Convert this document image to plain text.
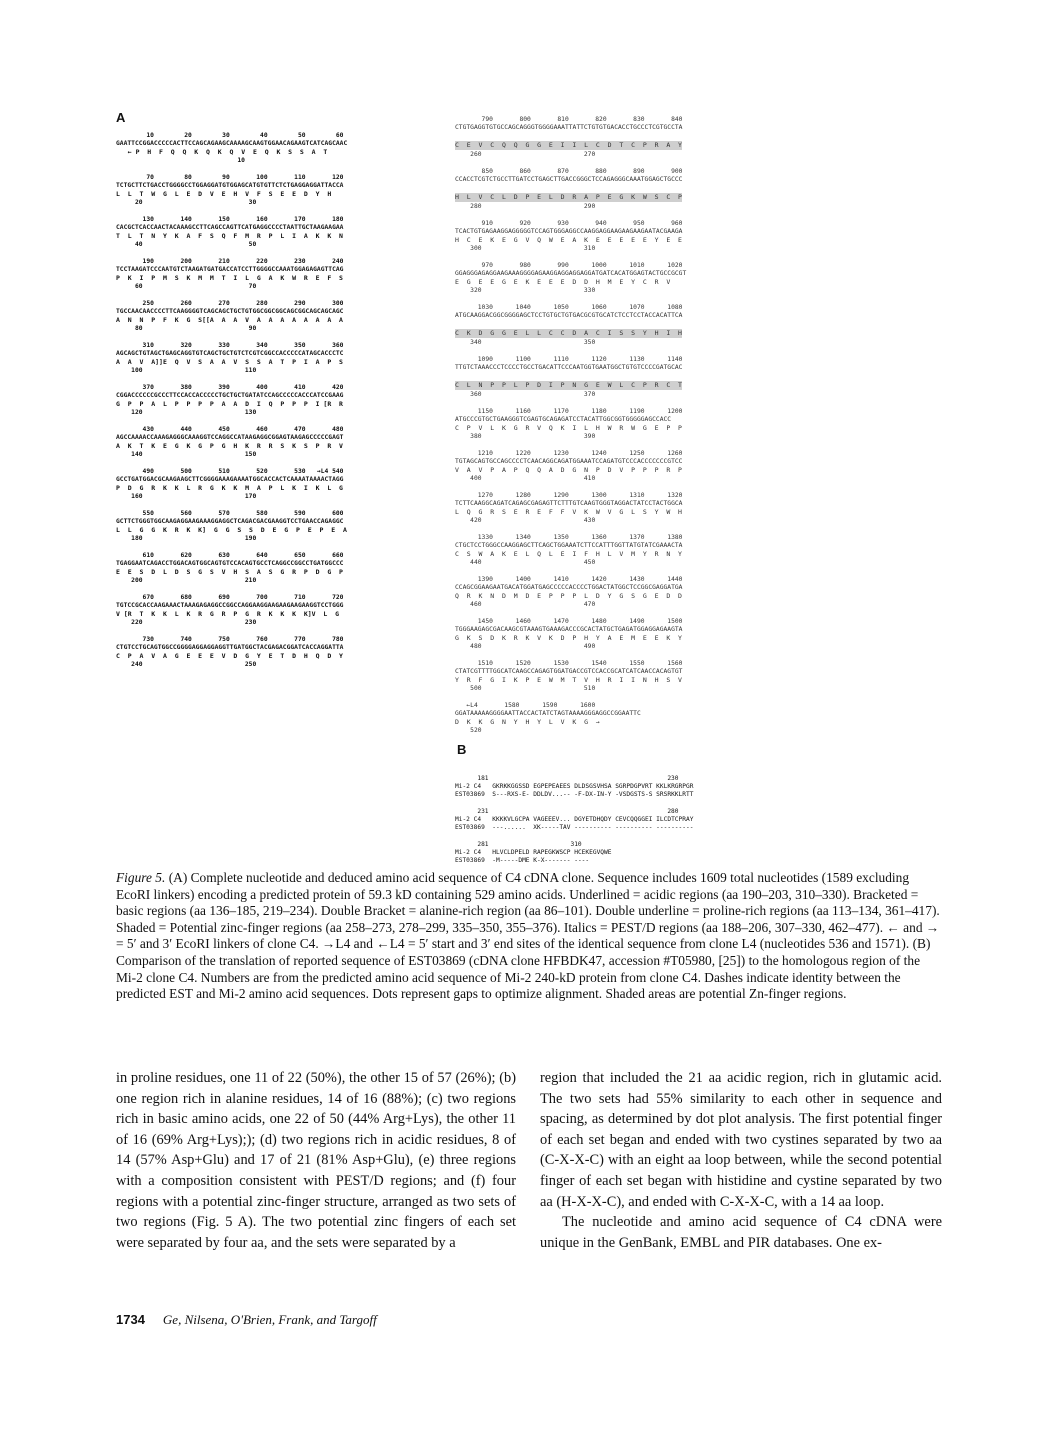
A
10        20        30        40        50        60
GAATTCCGGACCCCCACTTCCAGCAGAAGCAAAAGCAAGTGGAACAGAAGTCATCAGCAAC
← P  H  F  Q  Q  K  Q  K  Q  V  E  Q  K  S  S  A  T
10
70        80        90       100       110       120
TCTGCTTCTGACCTGGGGCCTGGAGGATGTGGAGCATGTGTTCTCTGAGGAGGATTACCA
L  L  T  W  G  L  E  D  V  E  H  V  F  S  E  E  D  Y  H
20                            30
130       140       150       160       170       180
CACGCTCACCAACTACAAAGCCTTCAGCCAGTTCATGAGGCCCCTAATTGCTAAGAAGAA
T  L  T  N  Y  K  A  F  S  Q  F  M  R  P  L  I  A  K  K  N
40                            50
190       200       210       220       230       240
TCCTAAGATCCCAATGTCTAAGATGATGACCATCCTTGGGGCCAAATGGAGAGAGTTCAG
P  K  I  P  M  S  K  M  M  T  I  L  G  A  K  W  R  E  F  S
60                            70
250       260       270       280       290       300
TGCCAACAACCCCTTCAAGGGGTCAGCAGCTGCTGTGGCGGCGGCAGCGGCAGCAGCAGC
A  N  N  P  F  K  G  S[[A  A  A  V  A  A  A  A  A  A  A  A
80                            90
310       320       330       340       350       360
AGCAGCTGTAGCTGAGCAGGTGTCAGCTGCTGTCTCGTCGGCCACCCCCATAGCACCCTC
A  A  V  A]]E  Q  V  S  A  A  V  S  S  A  T  P  I  A  P  S
100                           110
370       380       390       400       410       420
CGGACCCCCCGCCCTTCCACCACCCCCTGCTGCTGATATCCAGCCCCCACCCATCCGAAG
G  P  P  A  L  P  P  P  P  A  A  D  I  Q  P  P  P  I [R  R
120                           130
430       440       450       460       470       480
AGCCAAAACCAAAGAGGGCAAAGGTCCAGGCCATAAGAGGCGGAGTAAGAGCCCCCGAGT
A  K  T  K  E  G  K  G  P  G  H  K  R  R  S  K  S  P  R  V
140                           150
490       500       510       520       530   →L4 540
GCCTGATGGACGCAAGAAGCTTCGGGGAAAGAAAATGGCACCACTCAAAATAAAACTAGG
P  D  G  R  K  K  L  R  G  K  K  M  A  P  L  K  I  K  L  G
160                           170
550       560       570       580       590       600
GCTTCTGGGTGGCAAGAGGAAGAAAGGAGGCTCAGACGACGAAGGTCCTGAACCAGAGGC
L  L  G  G  K  R  K  K]  G  G  S  S  D  E  G  P  E  P  E  A
180                           190
610       620       630       640       650       660
TGAGGAATCAGACCTGGACAGTGGCAGTGTCCACAGTGCCTCAGGCCGGCCTGATGGCCC
E  E  S  D  L  D  S  G  S  V  H  S  A  S  G  R  P  D  G  P
200                           210
670       680       690       700       710       720
TGTCCGCACCAAGAAACTAAAGAGAGGCCGGCCAGGAAGGAAGAAGAAGAAGGTCCTGGG
V [R  T  K  K  L  K  R  G  R  P  G  R  K  K  K  K]V  L  G
220                           230
730       740       750       760       770       780
CTGTCCTGCAGTGGCCGGGGAGGAGGAGGTTGATGGCTACGAGACGGATCACCAGGATTA
C  P  A  V  A  G  E  E  E  V  D  G  Y  E  T  D  H  Q  D  Y
240                           250
790       800       810       820       830       840
CTGTGAGGTGTGCCAGCAGGGTGGGGAAATTATTCTGTGTGACACCTGCCCTCGTGCCTA
C  E  V  C  Q  Q  G  G  E  I  I  L  C  D  T  C  P  R  A  Y
260                           270
850       860       870       880       890       900
CCACCTCGTCTGCCTTGATCCTGAGCTTGACCGGGCTCCAGAGGGCAAATGGAGCTGCCC
H  L  V  C  L  D  P  E  L  D  R  A  P  E  G  K  W  S  C  P
280                           290
910       920       930       940       950       960
TCACTGTGAGAAGGAGGGGGTCCAGTGGGAGGCCAAGGAGGAAGAAGAAGAATACGAAGA
H  C  E  K  E  G  V  Q  W  E  A  K  E  E  E  E  E  Y  E  E
300                           310
970       980       990      1000      1010      1020
GGAGGGAGAGGAAGAAAGGGGAGAAGGAGGAGGAGGATGATCACATGGAGTACTGCCGCGT
E  G  E  E  G  E  K  E  E  E  D  D  H  M  E  Y  C  R  V
320                           330
1030      1040      1050      1060      1070      1080
ATGCAAGGACGGCGGGGAGCTCCTGTGCTGTGACGCGTGCATCTCCTCCTACCACATTCA
C  K  D  G  G  E  L  L  C  C  D  A  C  I  S  S  Y  H  I  H
340                           350
1090      1100      1110      1120      1130      1140
TTGTCTAAACCCTCCCCTGCCTGACATTCCCAATGGTGAATGGCTGTGTCCCCGATGCAC
C  L  N  P  P  L  P  D  I  P  N  G  E  W  L  C  P  R  C  T
360                           370
1150      1160      1170      1180      1190      1200
ATGCCCGTGCTGAAGGGTCGAGTGCAGAGATCCTACATTGGCGGTGGGGGAGCCACC
C  P  V  L  K  G  R  V  Q  K  I  L  H  W  R  W  G  E  P  P
380                           390
1210      1220      1230      1240      1250      1260
TGTAGCAGTGCCAGCCCCTCAACAGGCAGATGGAAATCCAGATGTCCCACCCCCCCGTCC
V  A  V  P  A  P  Q  Q  A  D  G  N  P  D  V  P  P  P  R  P
400                           410
1270      1280      1290      1300      1310      1320
TCTTCAAGGCAGATCAGAGCGAGAGTTCTTTGTCAAGTGGGTAGGACTATCCTACTGGCA
L  Q  G  R  S  E  R  E  F  F  V  K  W  V  G  L  S  Y  W  H
420                           430
1330      1340      1350      1360      1370      1380
CTGCTCCTGGGCCAAGGAGCTTCAGCTGGAAATCTTCCATTTGGTTATGTATCGAAACTA
C  S  W  A  K  E  L  Q  L  E  I  F  H  L  V  M  Y  R  N  Y
440                           450
1390      1400      1410      1420      1430      1440
CCAGCGGAAGAATGACATGGATGAGCCCCCACCCCTGGACTATGGCTCCGGCGAGGATGA
Q  R  K  N  D  M  D  E  P  P  P  L  D  Y  G  S  G  E  D  D
460                           470
1450      1460      1470      1480      1490      1500
TGGGAAGAGCGACAAGCGTAAAGTGAAAGACCCGCACTATGCTGAGATGGAGGAGAAGTA
G  K  S  D  K  R  K  V  K  D  P  H  Y  A  E  M  E  E  K  Y
480                           490
1510      1520      1530      1540      1550      1560
CTATCGTTTTGGCATCAAGCCAGAGTGGATGACCGTCCACCGCATCATCAACCACAGTGT
Y  R  F  G  I  K  P  E  W  M  T  V  H  R  I  I  N  H  S  V
500                           510
←L4       1580      1590      1600
GGATAAAAAGGGGAATTACCACTATCTAGTAAAAGGGAGGCCGGAATTC
D  K  K  G  N  Y  H  Y  L  V  K  G  →
520
B
181                                                230
Mi-2 C4   GKRKKGGSSD EGPEPEAEES DLDSGSVHSA SGRPDGPVRT KKLKRGRPGR
EST03869 S---RXS-E- DDLDV...-- -F-DX-IN-Y -VSDGSTS-S SRSRKKLRTT
231                                                280
Mi-2 C4   KKKKVLGCPA VAGEEEV... DGYETDHQDY CEVCQQGGEI ILCDTCPRAY
EST03869 ---......  XK-----TAV ---------- ---------- ----------
281                      310
Mi-2 C4   HLVCLDPELD RAPEGKWSCP HCEKEGVQWE
EST03869 -M-----DME K-X------- ----
Figure 5. (A) Complete nucleotide and deduced amino acid sequence of C4 cDNA clone. Sequence includes 1609 total nucleotides (1589 excluding EcoRI linkers) encoding a predicted protein of 59.3 kD containing 529 amino acids. Underlined = acidic regions (aa 190–203, 310–330). Bracketed = basic regions (aa 136–185, 219–234). Double Bracket = alanine-rich region (aa 86–101). Double underline = proline-rich regions (aa 113–134, 361–417). Shaded = Potential zinc-finger regions (aa 258–273, 278–299, 335–350, 355–376). Italics = PEST/D regions (aa 188–206, 307–330, 462–477). ← and → = 5′ and 3′ EcoRI linkers of clone C4. →L4 and ←L4 = 5′ start and 3′ end sites of the identical sequence from clone L4 (nucleotides 536 and 1571). (B) Comparison of the translation of reported sequence of EST03869 (cDNA clone HFBDK47, accession #T05980, [25]) to the homologous region of the Mi-2 clone C4. Numbers are from the predicted amino acid sequence of Mi-2 240-kD protein from clone C4. Dashes indicate identity between the predicted EST and Mi-2 amino acid sequences. Dots represent gaps to optimize alignment. Shaded areas are potential Zn-finger regions.
in proline residues, one 11 of 22 (50%), the other 15 of 57 (26%); (b) one region rich in alanine residues, 14 of 16 (88%); (c) two regions rich in basic amino acids, one 22 of 50 (44% Arg+Lys), the other 11 of 16 (69% Arg+Lys);); (d) two regions rich in acidic residues, 8 of 14 (57% Asp+Glu) and 17 of 21 (81% Asp+Glu), (e) three regions with a composition consistent with PEST/D regions; and (f) four regions with a potential zinc-finger structure, arranged as two sets of two regions (Fig. 5 A). The two potential zinc fingers of each set were separated by four aa, and the sets were separated by a
region that included the 21 aa acidic region, rich in glutamic acid. The two sets had 55% similarity to each other in sequence and spacing, as determined by dot plot analysis. The first potential finger of each set began and ended with two cystines separated by two aa (C-X-X-C) with an eight aa loop between, while the second potential finger of each set began with histidine and cystine separated by two aa (H-X-X-C), and ended with C-X-X-C, with a 14 aa loop.
The nucleotide and amino acid sequence of C4 cDNA were unique in the GenBank, EMBL and PIR databases. One ex-
1734 Ge, Nilsena, O'Brien, Frank, and Targoff
